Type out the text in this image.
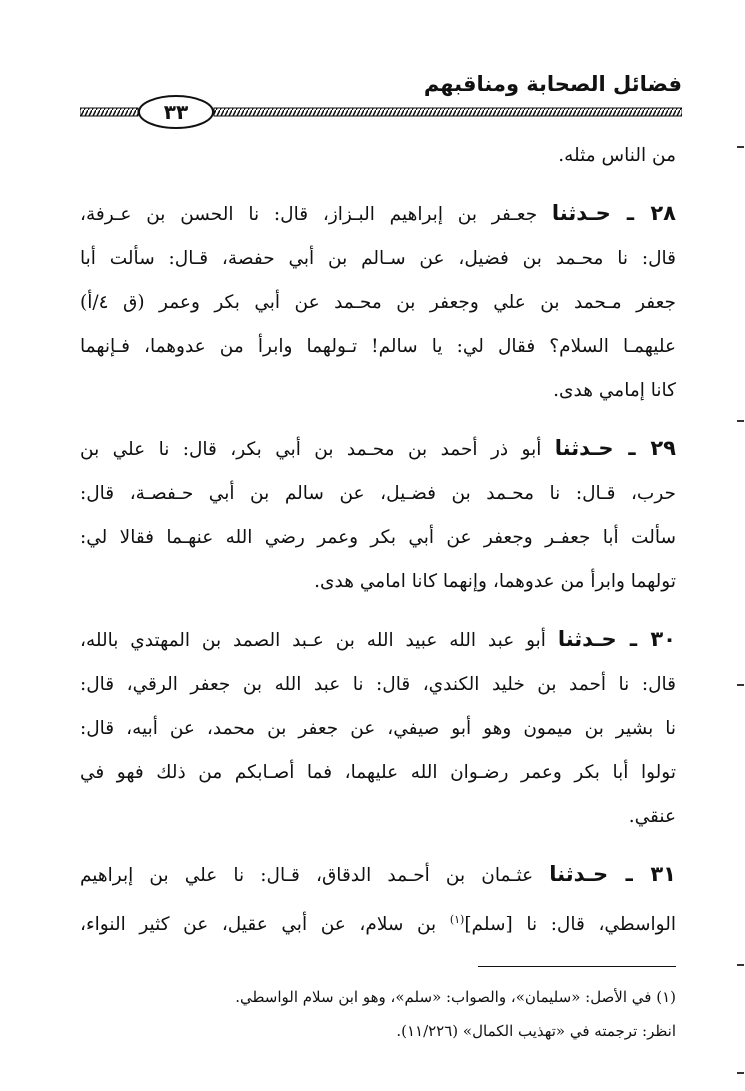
فضائل الصحابة ومناقبهم
٣٣
من الناس مثله.
٢٨ ـ حـدثنا جعـفر بن إبراهيم البـزاز، قال: نا الحسن بن عـرفة،
قال: نا محـمد بن فضيل، عن سـالم بن أبي حفصة، قـال: سألت أبا
جعفر مـحمد بن علي وجعفر بن محـمد عن أبي بكر وعمر (ق ٤/أ)
عليهمـا السلام؟ فقال لي: يا سالم! تـولهما وابرأ من عدوهما، فـإنهما
كانا إمامي هدى.
٢٩ ـ حـدثنا أبو ذر أحمد بن محـمد بن أبي بكر، قال: نا علي بن
حرب، قـال: نا محـمد بن فضـيل، عن سالم بن أبي حـفصـة، قال:
سألت أبا جعفـر وجعفر عن أبي بكر وعمر رضي الله عنهـما فقالا لي:
تولهما وابرأ من عدوهما، وإنهما كانا امامي هدى.
٣٠ ـ حـدثنا أبو عبد الله عبيد الله بن عـبد الصمد بن المهتدي بالله،
قال: نا أحمد بن خليد الكندي، قال: نا عبد الله بن جعفر الرقي، قال:
نا بشير بن ميمون وهو أبو صيفي، عن جعفر بن محمد، عن أبيه، قال:
تولوا أبا بكر وعمر رضـوان الله عليهما، فما أصـابكم من ذلك فهو في
عنقي.
٣١ ـ حـدثنا عثـمان بن أحـمد الدقاق، قـال: نا علي بن إبراهيم
الواسطي، قال: نا [سلم]$^{(١)}$ بن سلام، عن أبي عقيل، عن كثير النواء،
(١) في الأصل: «سليمان»، والصواب: «سلم»، وهو ابن سلام الواسطي.
انظر: ترجمته في «تهذيب الكمال» (١١/٢٢٦).
